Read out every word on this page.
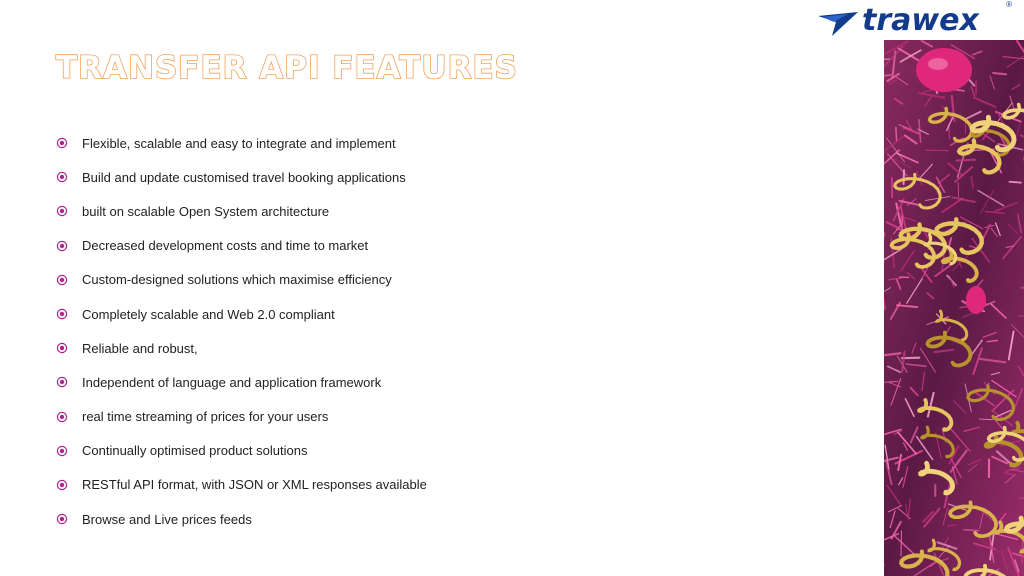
trawex	®
TRANSFER API FEATURES
Flexible, scalable and easy to integrate and implement
Build and update customised travel booking applications
built on scalable Open System architecture
Decreased development costs and time to market
Custom-designed solutions which maximise efficiency
Completely scalable and Web 2.0 compliant
Reliable and robust,
Independent of language and application framework
real time streaming of prices for your users
Continually optimised product solutions
RESTful API format, with JSON or XML responses available
Browse and Live prices feeds
